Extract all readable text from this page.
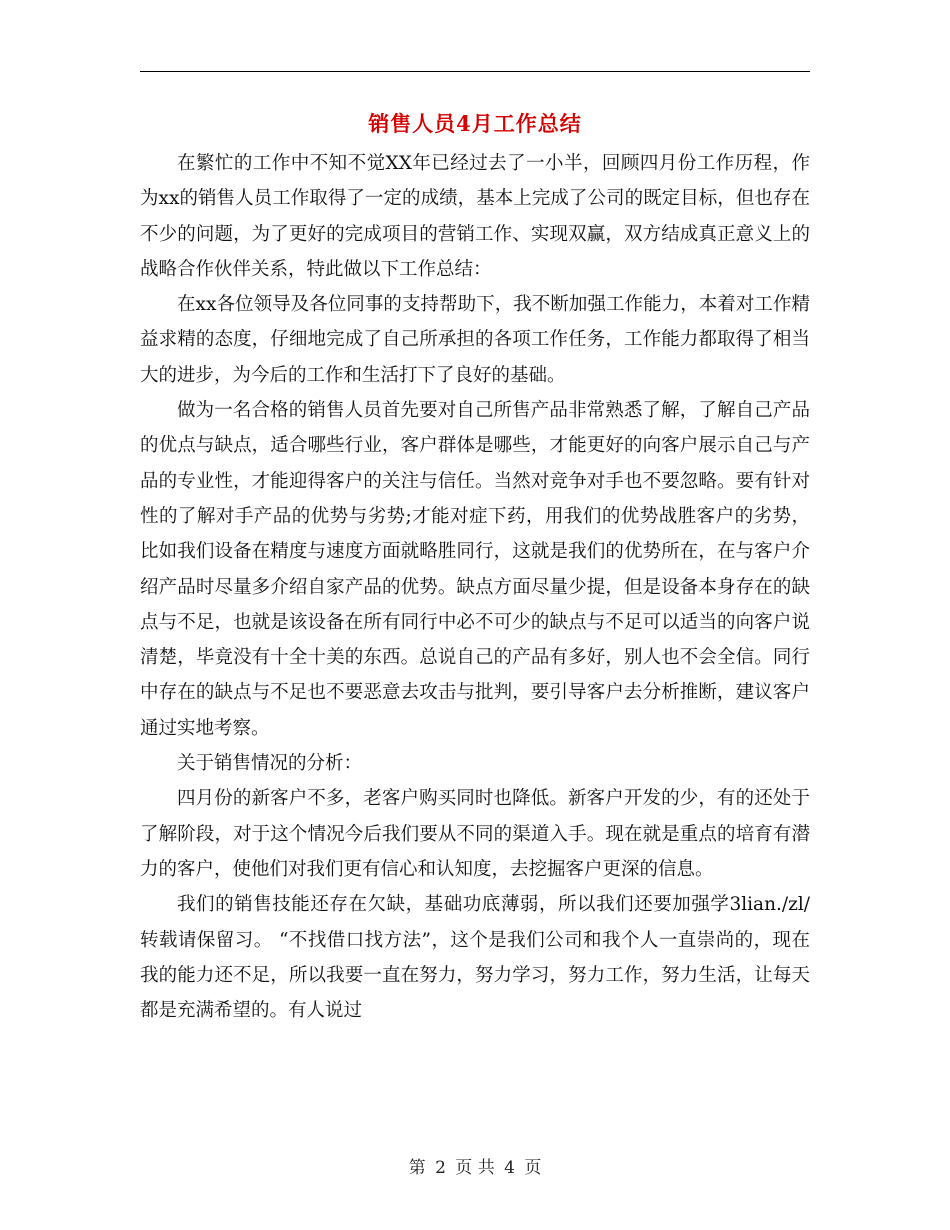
销售人员4月工作总结

在繁忙的工作中不知不觉XX年已经过去了一小半，回顾四月份工作历程，作为xx的销售人员工作取得了一定的成绩，基本上完成了公司的既定目标，但也存在不少的问题，为了更好的完成项目的营销工作、实现双赢，双方结成真正意义上的战略合作伙伴关系，特此做以下工作总结：

在xx各位领导及各位同事的支持帮助下，我不断加强工作能力，本着对工作精益求精的态度，仔细地完成了自己所承担的各项工作任务，工作能力都取得了相当大的进步，为今后的工作和生活打下了良好的基础。

做为一名合格的销售人员首先要对自己所售产品非常熟悉了解，了解自己产品的优点与缺点，适合哪些行业，客户群体是哪些，才能更好的向客户展示自己与产品的专业性，才能迎得客户的关注与信任。当然对竞争对手也不要忽略。要有针对性的了解对手产品的优势与劣势;才能对症下药，用我们的优势战胜客户的劣势，比如我们设备在精度与速度方面就略胜同行，这就是我们的优势所在，在与客户介绍产品时尽量多介绍自家产品的优势。缺点方面尽量少提，但是设备本身存在的缺点与不足，也就是该设备在所有同行中必不可少的缺点与不足可以适当的向客户说清楚，毕竟没有十全十美的东西。总说自己的产品有多好，别人也不会全信。同行中存在的缺点与不足也不要恶意去攻击与批判，要引导客户去分析推断，建议客户通过实地考察。

关于销售情况的分析：

四月份的新客户不多，老客户购买同时也降低。新客户开发的少，有的还处于了解阶段，对于这个情况今后我们要从不同的渠道入手。现在就是重点的培育有潜力的客户，使他们对我们更有信心和认知度，去挖掘客户更深的信息。

我们的销售技能还存在欠缺，基础功底薄弱，所以我们还要加强学3lian./zl/转载请保留习。 “不找借口找方法”，这个是我们公司和我个人一直崇尚的，现在我的能力还不足，所以我要一直在努力，努力学习，努力工作，努力生活，让每天都是充满希望的。有人说过

第 2 页 共 4 页
